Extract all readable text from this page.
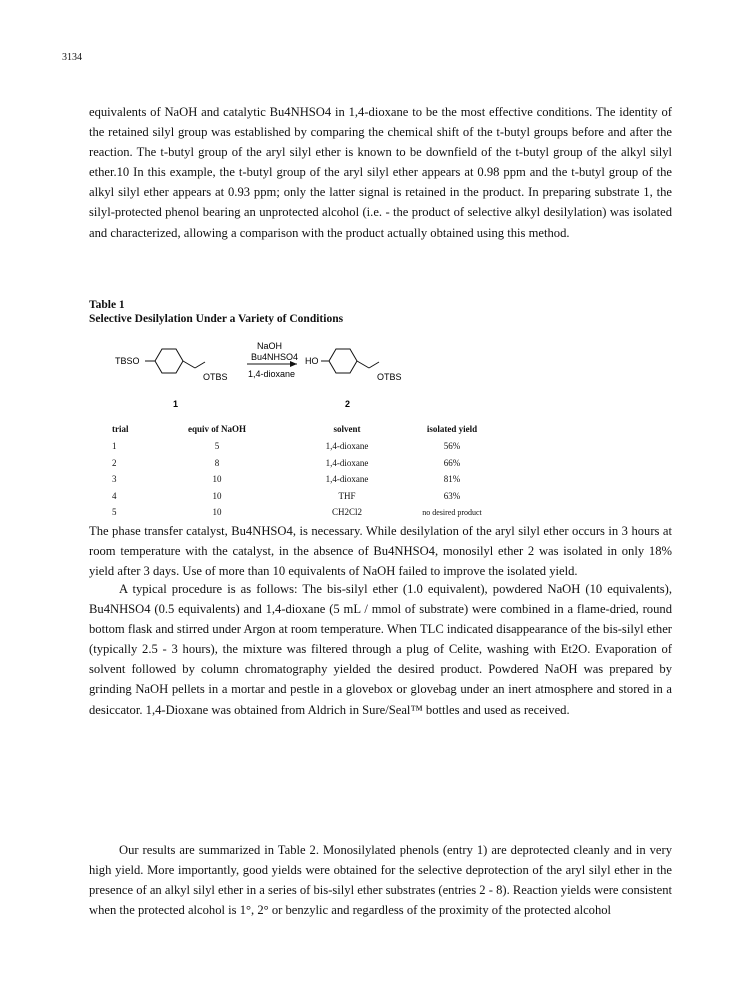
3134

equivalents of NaOH and catalytic Bu4NHSO4 in 1,4-dioxane to be the most effective conditions. The identity of the retained silyl group was established by comparing the chemical shift of the t-butyl groups before and after the reaction. The t-butyl group of the aryl silyl ether is known to be downfield of the t-butyl group of the alkyl silyl ether.10 In this example, the t-butyl group of the aryl silyl ether appears at 0.98 ppm and the t-butyl group of the alkyl silyl ether appears at 0.93 ppm; only the latter signal is retained in the product. In preparing substrate 1, the silyl-protected phenol bearing an unprotected alcohol (i.e. - the product of selective alkyl desilylation) was isolated and characterized, allowing a comparison with the product actually obtained using this method.

Table 1
Selective Desilylation Under a Variety of Conditions
TBSO
OTBS
1
NaOH
Bu4NHSO4
1,4-dioxane
HO
OTBS
2
trial	equiv of NaOH	solvent	isolated yield
1	5	1,4-dioxane	56%
2	8	1,4-dioxane	66%
3	10	1,4-dioxane	81%
4	10	THF	63%
5	10	CH2Cl2	no desired product

The phase transfer catalyst, Bu4NHSO4, is necessary. While desilylation of the aryl silyl ether occurs in 3 hours at room temperature with the catalyst, in the absence of Bu4NHSO4, monosilyl ether 2 was isolated in only 18% yield after 3 days. Use of more than 10 equivalents of NaOH failed to improve the isolated yield.

A typical procedure is as follows: The bis-silyl ether (1.0 equivalent), powdered NaOH (10 equivalents), Bu4NHSO4 (0.5 equivalents) and 1,4-dioxane (5 mL / mmol of substrate) were combined in a flame-dried, round bottom flask and stirred under Argon at room temperature. When TLC indicated disappearance of the bis-silyl ether (typically 2.5 - 3 hours), the mixture was filtered through a plug of Celite, washing with Et2O. Evaporation of solvent followed by column chromatography yielded the desired product. Powdered NaOH was prepared by grinding NaOH pellets in a mortar and pestle in a glovebox or glovebag under an inert atmosphere and stored in a desiccator. 1,4-Dioxane was obtained from Aldrich in Sure/Seal™ bottles and used as received.

Our results are summarized in Table 2. Monosilylated phenols (entry 1) are deprotected cleanly and in very high yield. More importantly, good yields were obtained for the selective deprotection of the aryl silyl ether in the presence of an alkyl silyl ether in a series of bis-silyl ether substrates (entries 2 - 8). Reaction yields were consistent when the protected alcohol is 1°, 2° or benzylic and regardless of the proximity of the protected alcohol
